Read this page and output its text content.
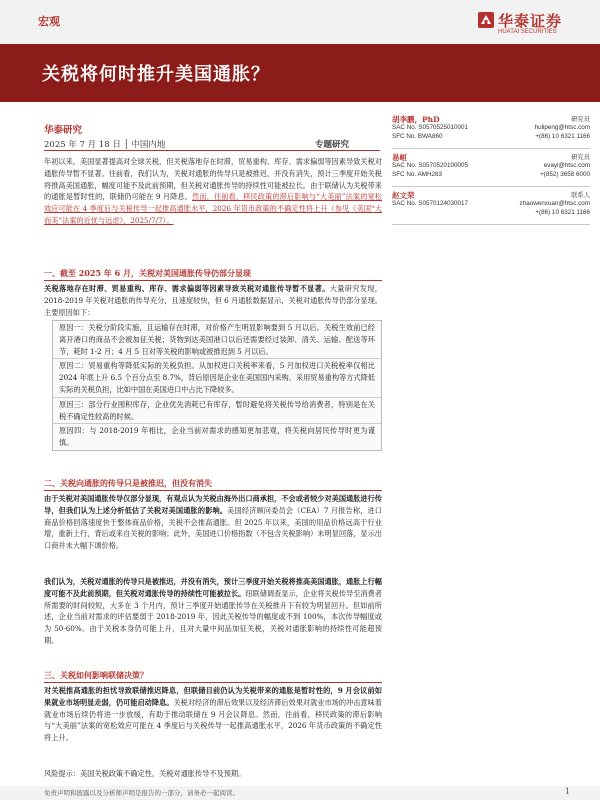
宏观	华泰证券
HUATAI SECURITIES
关税将何时推升美国通胀？
华泰研究
2025 年 7 月 18 日 │ 中国内地	专题研究
年初以来，美国显著提高对全球关税，但关税落地存在时滞，贸易重构、库存、需求偏弱等因素导致关税对通胀传导暂不显著。往前看，我们认为，关税对通胀的传导只是被推迟，并没有消失，预计三季度开始关税将推高美国通胀，幅度可能不及此前预期，但关税对通胀传导的持续性可能被拉长。由于联储认为关税带来的通胀是暂时性的，联储仍可能在 9 月降息。然而，往前看，移民政策的滞后影响与“大美丽”法案的宽松效应可能在 4 季度后与关税传导一起推高通胀水平，2026 年货币政策的不确定性将上升（参见《美国“大而美”法案的近忧与远虑》，2025/7/7）。
一、截至 2025 年 6 月，关税对美国通胀传导仍部分显现
关税落地存在时滞、贸易重构、库存、需求偏弱等因素导致关税对通胀传导暂不显著。大量研究发现，2018-2019 年关税对通胀的传导充分，且速度较快，但 6 月通胀数据显示，关税对通胀传导仍部分显现。主要原因如下：
原因一：关税分阶段实施，且运输存在时滞，对价格产生明显影响要到 5 月以后。关税生效前已经离开港口的商品不会被加征关税；货物到达美国港口以后还需要经过装卸、清关、运输、配送等环节，耗时 1-2 月；4 月 5 日对等关税的影响或被推迟到 5 月以后。
原因二：贸易重构等降低实际的关税负担。从加权进口关税率来看，5 月加权进口关税税率仅相比 2024 年底上升 6.5 个百分点至 8.7%，背后原因是企业在美国国内采购、采用贸易重构等方式降低实际的关税负担，比如中国在美国进口中占比下降较多。
原因三：部分行业囤积库存，企业优先消耗已有库存，暂时避免将关税传导给消费者，特别是在关税不确定性较高的时候。
原因四：与 2018-2019 年相比，企业当前对需求的感知更加悲观，将关税向居民传导时更为谨慎。
二、关税向通胀的传导只是被推迟，但没有消失
由于关税对美国通胀传导仅部分显现，有观点认为关税由海外出口商承担，不会或者较少对美国通胀进行传导，但我们认为上述分析低估了关税对美国通胀的影响。美国经济顾问委员会（CEA）7 月报告称，进口商品价格回落速度快于整体商品价格，关税不会推高通胀。但 2025 年以来，美国的用品价格远高于行业增，重新上行，背后或来自关税的影响；此外，美国进口价格指数（不包含关税影响）未明显回落，显示出口商并未大幅下调价格。
我们认为，关税对通胀的传导只是被推迟，并没有消失，预计三季度开始关税将推高美国通胀，通胀上行幅度可能不及此前预期，但关税对通胀传导的持续性可能被拉长。纽联储调查显示，企业将关税传导至消费者所需要的时间较短，大多在 3 个月内，预计三季度开始通胀传导在关税推升下有较为明显回升。但如前所述，企业当前对需求的评估要弱于 2018-2019 年，因此关税传导的幅度或不到 100%，本次传导幅度或为 50-60%。由于关税本身仍可能上升，且对大量中间品加征关税，关税对通胀影响的持续性可能超预期。
三、关税如何影响联储决策？
对关税推高通胀的担忧导致联储推迟降息，但联储目前仍认为关税带来的通胀是暂时性的，9 月会议前如果就业市场明显走弱，仍可能启动降息。关税对经济的滞后效果以及经济滞后效果对就业市场的冲击意味着就业市场后续仍将进一步放缓，有助于推动联储在 9 月会议降息。然而，往前看，移民政策的滞后影响与“大美丽”法案的宽松效应可能在 4 季度后与关税传导一起推高通胀水平，2026 年货币政策的不确定性将上升。
风险提示：美国关税政策不确定性，关税对通胀传导不及预期。
胡李鹏，PhD	研究员
SAC No. S0570525010001	hulipeng@htsc.com
SFC No. BWA860	+(86) 10 6321 1166
易峘	研究员
SAC No. S0570520100005	evayi@htsc.com
SFC No. AMH263	+(852) 3658 6000
赵文荣	联系人
SAC No. S0570124030017	zhaowenxuan@htsc.com
+(86) 10 6321 1166
免责声明和披露以及分析师声明是报告的一部分，请务必一起阅读。	1
